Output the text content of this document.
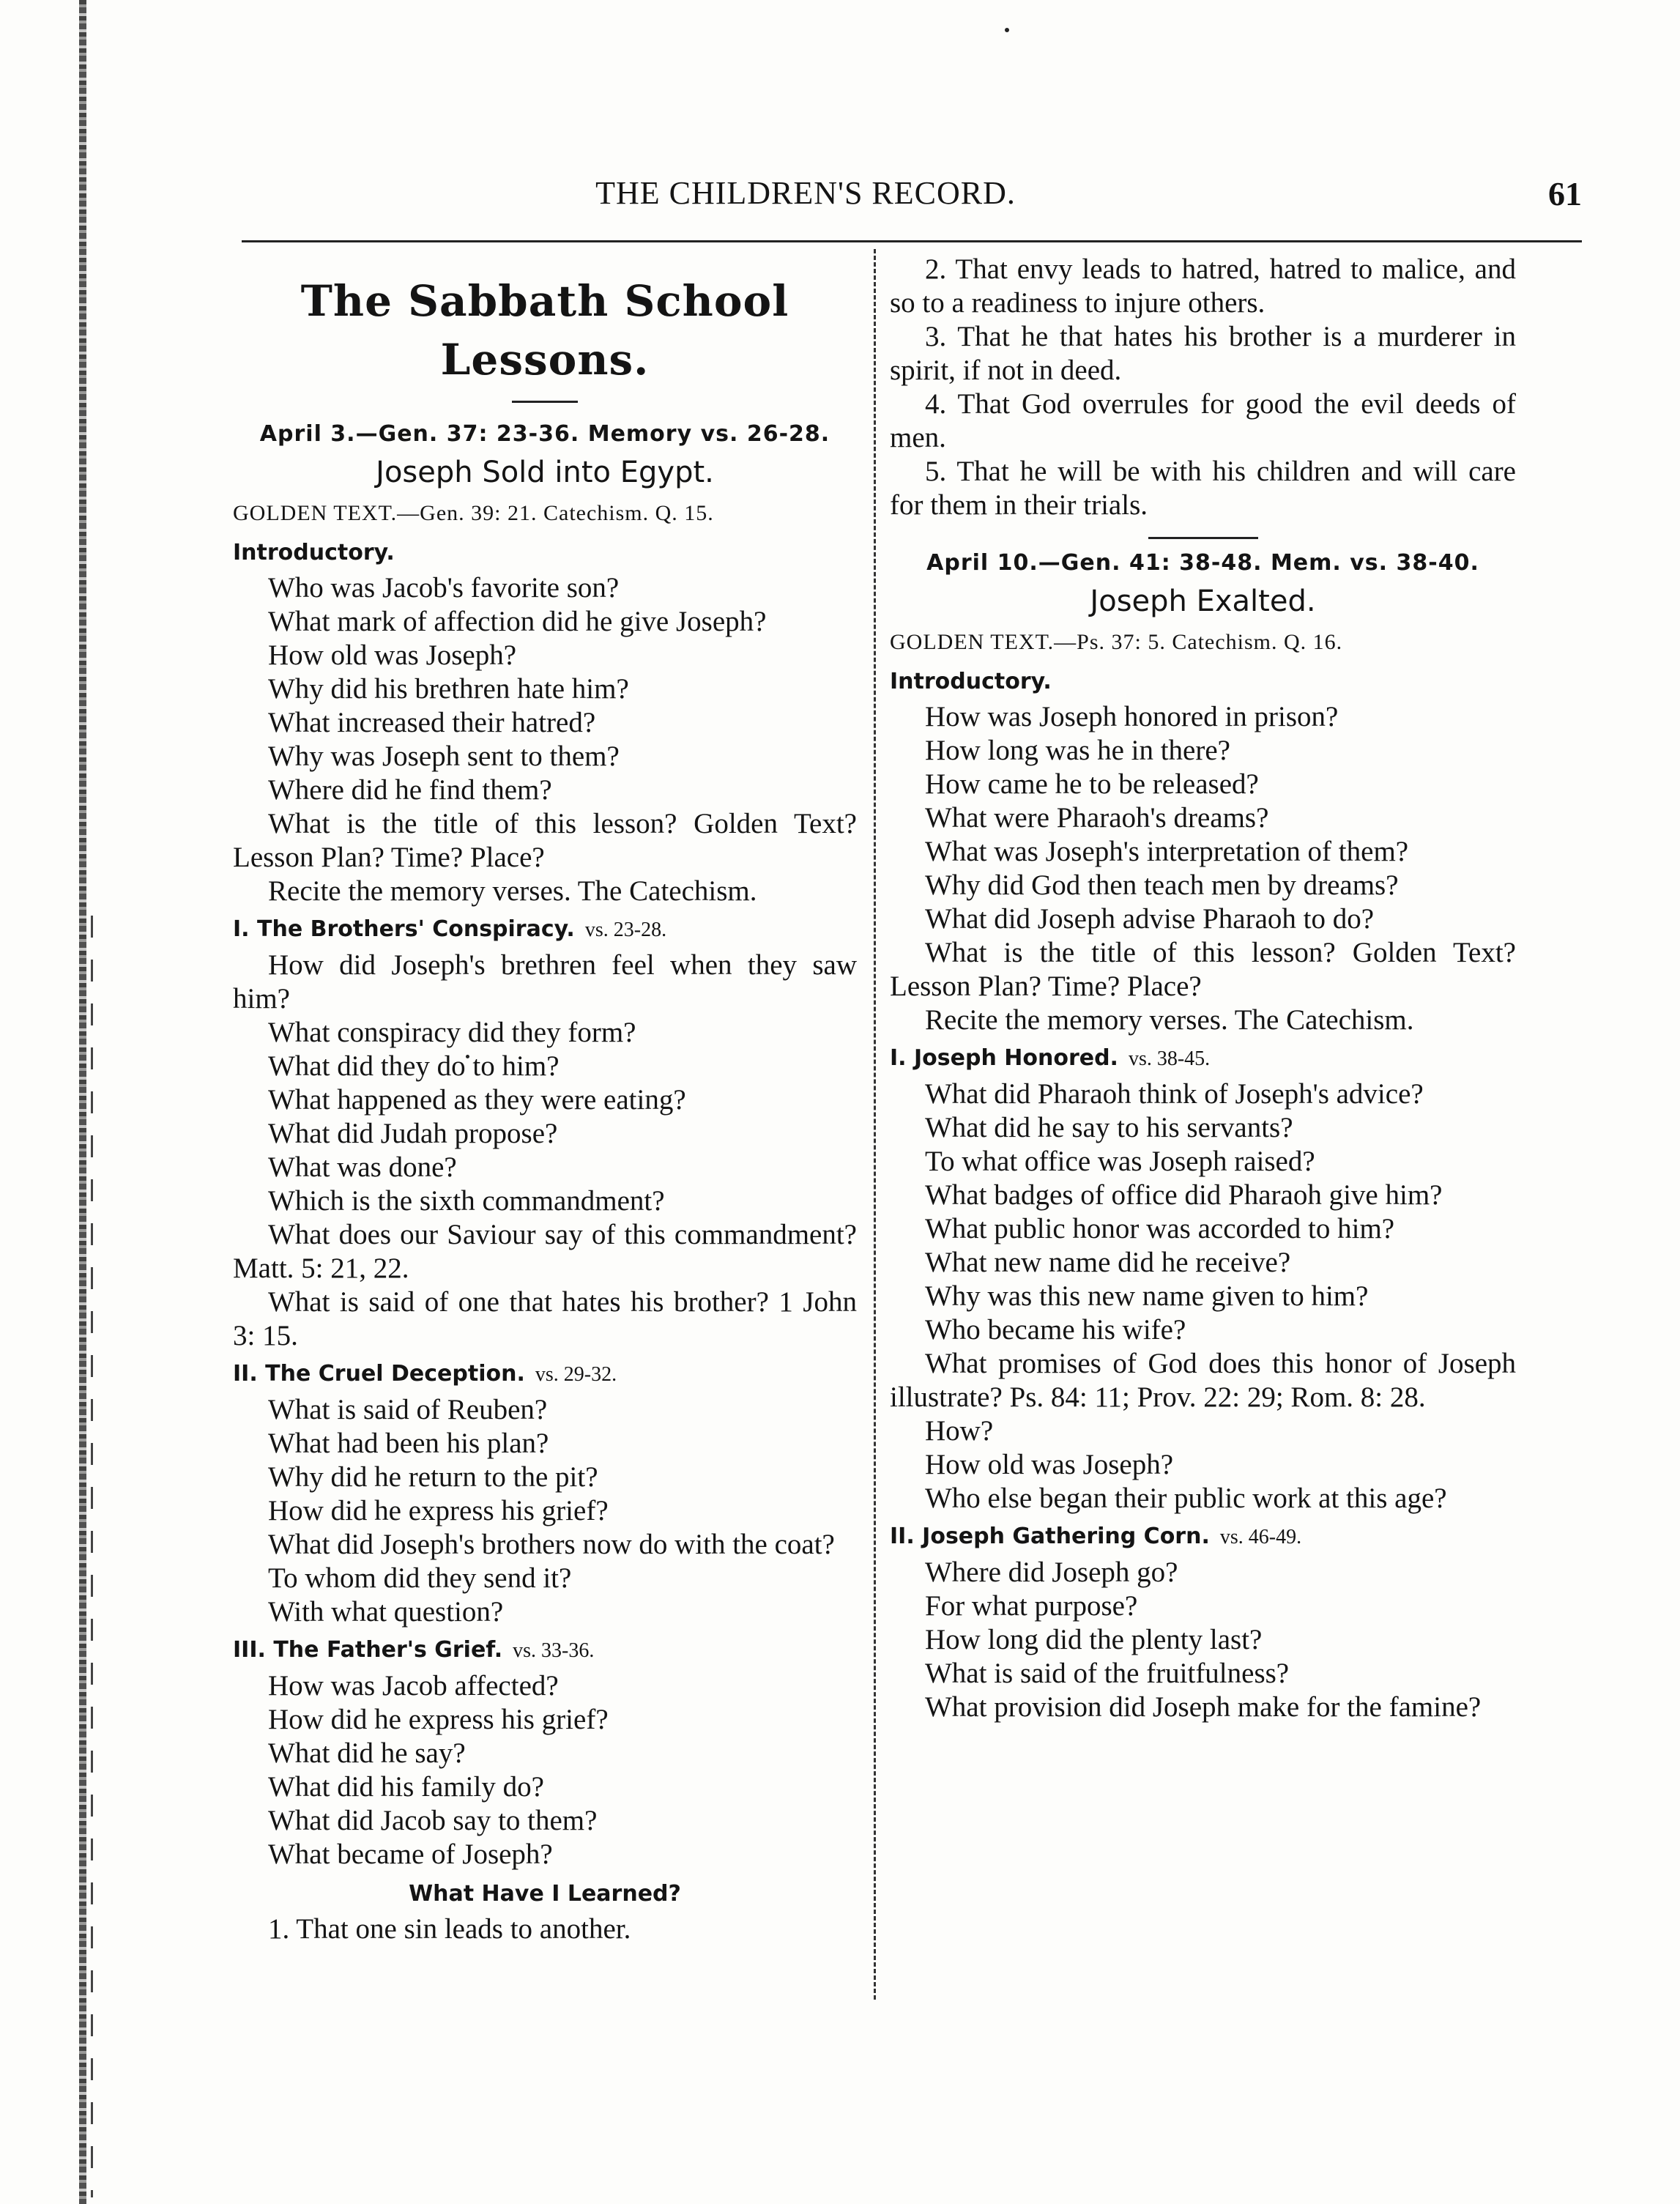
THE CHILDREN'S RECORD.	61
The Sabbath School Lessons.
April 3.—Gen. 37: 23-36. Memory vs. 26-28.
Joseph Sold into Egypt.
GOLDEN TEXT.—Gen. 39: 21. Catechism. Q. 15.
Introductory.

Who was Jacob's favorite son?

What mark of affection did he give Joseph?

How old was Joseph?

Why did his brethren hate him?

What increased their hatred?

Why was Joseph sent to them?

Where did he find them?

What is the title of this lesson? Golden Text? Lesson Plan? Time? Place?

Recite the memory verses. The Catechism.

I. The Brothers' Conspiracy. vs. 23-28.

How did Joseph's brethren feel when they saw him?

What conspiracy did they form?

What did they do to him?

What happened as they were eating?

What did Judah propose?

What was done?

Which is the sixth commandment?

What does our Saviour say of this commandment? Matt. 5: 21, 22.

What is said of one that hates his brother? 1 John 3: 15.

II. The Cruel Deception. vs. 29-32.

What is said of Reuben?

What had been his plan?

Why did he return to the pit?

How did he express his grief?

What did Joseph's brothers now do with the coat?

To whom did they send it?

With what question?

III. The Father's Grief. vs. 33-36.

How was Jacob affected?

How did he express his grief?

What did he say?

What did his family do?

What did Jacob say to them?

What became of Joseph?

What Have I Learned?

1. That one sin leads to another.

2. That envy leads to hatred, hatred to malice, and so to a readiness to injure others.

3. That he that hates his brother is a murderer in spirit, if not in deed.

4. That God overrules for good the evil deeds of men.

5. That he will be with his children and will care for them in their trials.

April 10.—Gen. 41: 38-48. Mem. vs. 38-40.
Joseph Exalted.
GOLDEN TEXT.—Ps. 37: 5. Catechism. Q. 16.
Introductory.

How was Joseph honored in prison?

How long was he in there?

How came he to be released?

What were Pharaoh's dreams?

What was Joseph's interpretation of them?

Why did God then teach men by dreams?

What did Joseph advise Pharaoh to do?

What is the title of this lesson? Golden Text? Lesson Plan? Time? Place?

Recite the memory verses. The Catechism.

I. Joseph Honored. vs. 38-45.

What did Pharaoh think of Joseph's advice?

What did he say to his servants?

To what office was Joseph raised?

What badges of office did Pharaoh give him?

What public honor was accorded to him?

What new name did he receive?

Why was this new name given to him?

Who became his wife?

What promises of God does this honor of Joseph illustrate? Ps. 84: 11; Prov. 22: 29; Rom. 8: 28.

How?

How old was Joseph?

Who else began their public work at this age?

II. Joseph Gathering Corn. vs. 46-49.

Where did Joseph go?

For what purpose?

How long did the plenty last?

What is said of the fruitfulness?

What provision did Joseph make for the famine?
